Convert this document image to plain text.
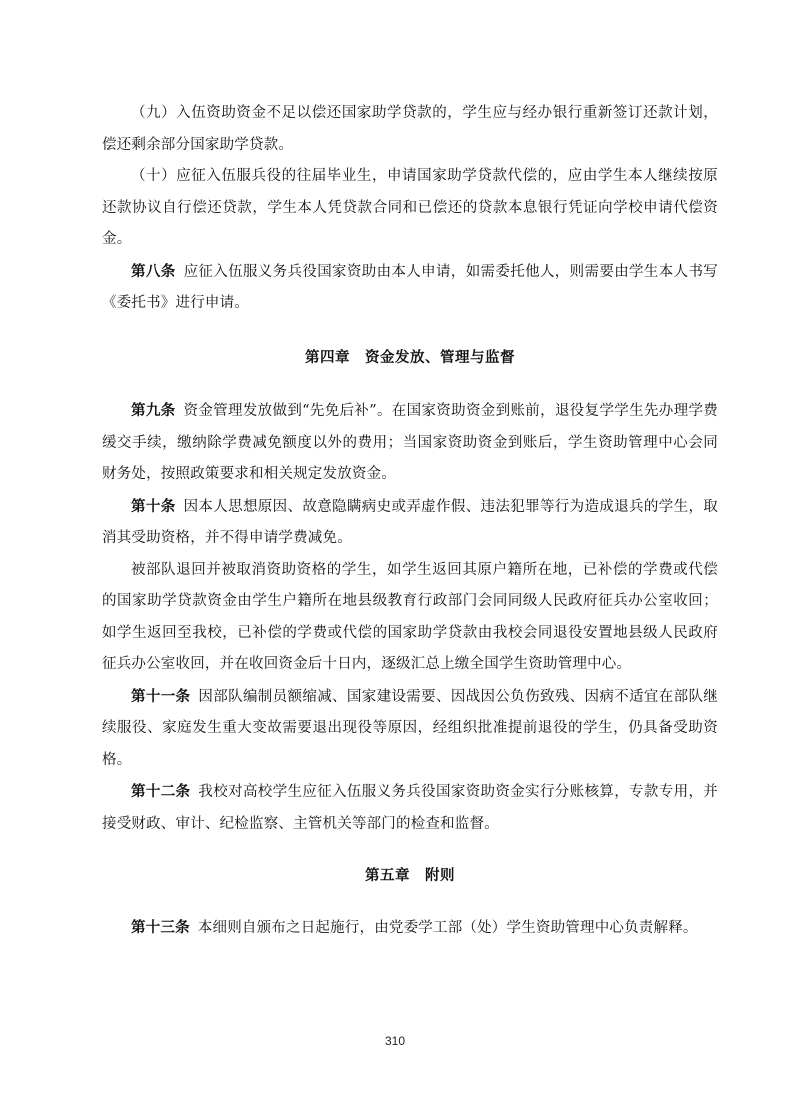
（九）入伍资助资金不足以偿还国家助学贷款的，学生应与经办银行重新签订还款计划，偿还剩余部分国家助学贷款。

（十）应征入伍服兵役的往届毕业生，申请国家助学贷款代偿的，应由学生本人继续按原还款协议自行偿还贷款，学生本人凭贷款合同和已偿还的贷款本息银行凭证向学校申请代偿资金。

第八条 应征入伍服义务兵役国家资助由本人申请，如需委托他人，则需要由学生本人书写《委托书》进行申请。

第四章　资金发放、管理与监督

第九条 资金管理发放做到“先免后补”。在国家资助资金到账前，退役复学学生先办理学费缓交手续，缴纳除学费减免额度以外的费用；当国家资助资金到账后，学生资助管理中心会同财务处，按照政策要求和相关规定发放资金。

第十条 因本人思想原因、故意隐瞒病史或弄虚作假、违法犯罪等行为造成退兵的学生，取消其受助资格，并不得申请学费减免。

被部队退回并被取消资助资格的学生，如学生返回其原户籍所在地，已补偿的学费或代偿的国家助学贷款资金由学生户籍所在地县级教育行政部门会同同级人民政府征兵办公室收回；如学生返回至我校，已补偿的学费或代偿的国家助学贷款由我校会同退役安置地县级人民政府征兵办公室收回，并在收回资金后十日内，逐级汇总上缴全国学生资助管理中心。

第十一条 因部队编制员额缩减、国家建设需要、因战因公负伤致残、因病不适宜在部队继续服役、家庭发生重大变故需要退出现役等原因，经组织批准提前退役的学生，仍具备受助资格。

第十二条 我校对高校学生应征入伍服义务兵役国家资助资金实行分账核算，专款专用，并接受财政、审计、纪检监察、主管机关等部门的检查和监督。

第五章　附则

第十三条 本细则自颁布之日起施行，由党委学工部（处）学生资助管理中心负责解释。

310
